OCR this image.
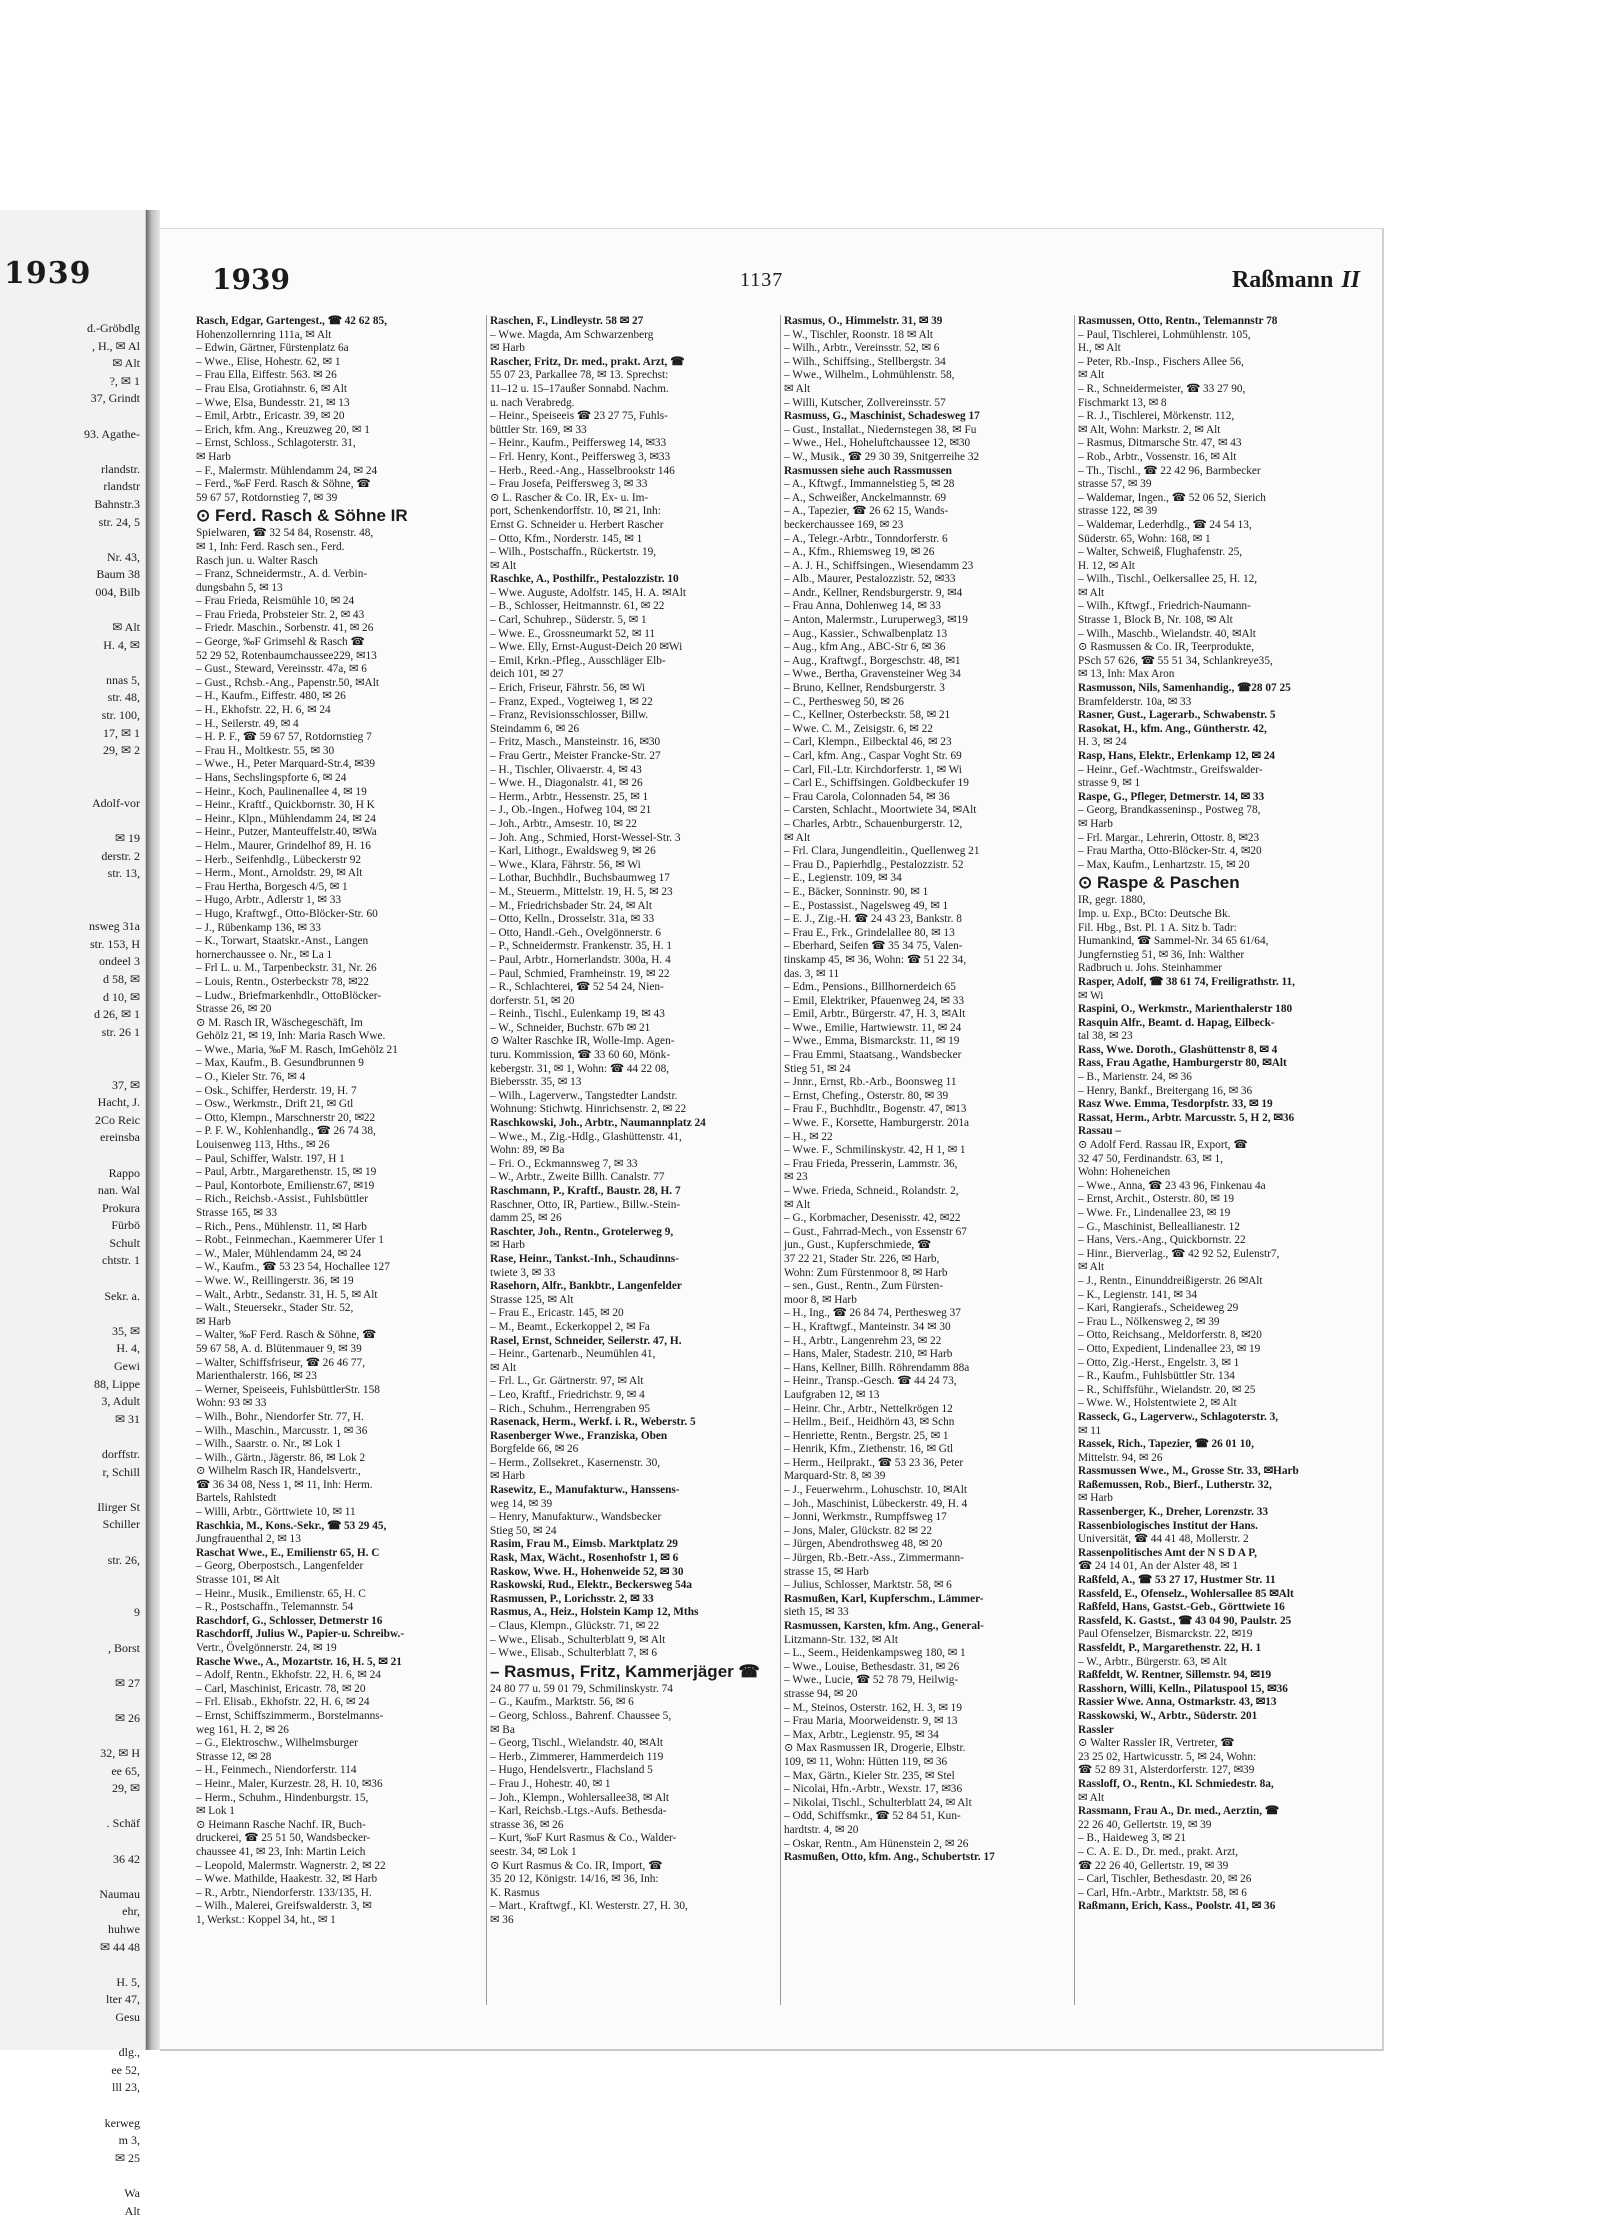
1939
d.-Gröbdlg
, H., ✉ Al
✉ Alt
?, ✉ 1
37, Grindt
93. Agathe-
rlandstr.
rlandstr
Bahnstr.3
str. 24, 5
Nr. 43,
Baum 38
004, Bilb
✉ Alt
H. 4, ✉
nnas 5,
str. 48,
str. 100,
17, ✉ 1
29, ✉ 2
Adolf-vor
✉ 19
derstr. 2
str. 13,
nsweg 31a
str. 153, H
ondeel 3
d 58, ✉
d 10, ✉
d 26, ✉ 1
str. 26 1
37, ✉
Hacht, J.
2Co Reic
ereinsba
Rappo
nan. Wal
Prokura
Fürbö
Schult
chtstr. 1
Sekr. a.
35, ✉
H. 4,
Gewi
88, Lippe
3, Adult
✉ 31
dorffstr.
r, Schill
Ilirger St
Schiller
str. 26,
9
, Borst
✉ 27
✉ 26
32, ✉ H
ee 65,
29, ✉
. Schäf
36 42
Naumau
ehr,
huhwe
✉ 44 48
H. 5,
lter 47,
Gesu
dlg.,
ee 52,
lll 23,
kerweg
m 3,
✉ 25
Wa
Alt
1939	1137	Raßmann II
Rasch, Edgar, Gartengest., ☎ 42 62 85,
Hohenzollernring 111a, ✉ Alt
– Edwin, Gärtner, Fürstenplatz 6a
– Wwe., Elise, Hohestr. 62, ✉ 1
– Frau Ella, Eiffestr. 563. ✉ 26
– Frau Elsa, Grotiahnstr. 6, ✉ Alt
– Wwe, Elsa, Bundesstr. 21, ✉ 13
– Emil, Arbtr., Ericastr. 39, ✉ 20
– Erich, kfm. Ang., Kreuzweg 20, ✉ 1
– Ernst, Schloss., Schlagoterstr. 31,
✉ Harb
– F., Malermstr. Mühlendamm 24, ✉ 24
– Ferd., ‰F Ferd. Rasch & Söhne, ☎
59 67 57, Rotdornstieg 7, ✉ 39
⊙ Ferd. Rasch & Söhne IR
Spielwaren, ☎ 32 54 84, Rosenstr. 48,
✉ 1, Inh: Ferd. Rasch sen., Ferd.
Rasch jun. u. Walter Rasch
– Franz, Schneidermstr., A. d. Verbin-
dungsbahn 5, ✉ 13
– Frau Frieda, Reismühle 10, ✉ 24
– Frau Frieda, Probsteier Str. 2, ✉ 43
– Friedr. Maschin., Sorbenstr. 41, ✉ 26
– George, ‰F Grimsehl & Rasch ☎
52 29 52, Rotenbaumchaussee229, ✉13
– Gust., Steward, Vereinsstr. 47a, ✉ 6
– Gust., Rchsb.-Ang., Papenstr.50, ✉Alt
– H., Kaufm., Eiffestr. 480, ✉ 26
– H., Ekhofstr. 22, H. 6, ✉ 24
– H., Seilerstr. 49, ✉ 4
– H. P. F., ☎ 59 67 57, Rotdornstieg 7
– Frau H., Moltkestr. 55, ✉ 30
– Wwe., H., Peter Marquard-Str.4, ✉39
– Hans, Sechslingspforte 6, ✉ 24
– Heinr., Koch, Paulinenallee 4, ✉ 19
– Heinr., Kraftf., Quickbornstr. 30, H K
– Heinr., Klpn., Mühlendamm 24, ✉ 24
– Heinr., Putzer, Manteuffelstr.40, ✉Wa
– Helm., Maurer, Grindelhof 89, H. 16
– Herb., Seifenhdlg., Lübeckerstr 92
– Herm., Mont., Arnoldstr. 29, ✉ Alt
– Frau Hertha, Borgesch 4/5, ✉ 1
– Hugo, Arbtr., Adlerstr 1, ✉ 33
– Hugo, Kraftwgf., Otto-Blöcker-Str. 60
– J., Rübenkamp 136, ✉ 33
– K., Torwart, Staatskr.-Anst., Langen
hornerchaussee o. Nr., ✉ La 1
– Frl L. u. M., Tarpenbeckstr. 31, Nr. 26
– Louis, Rentn., Osterbeckstr 78, ✉22
– Ludw., Briefmarkenhdlr., OttoBlöcker-
Strasse 26, ✉ 20
⊙ M. Rasch IR, Wäschegeschäft, Im
Gehölz 21, ✉ 19, Inh: Maria Rasch Wwe.
– Wwe., Maria, ‰F M. Rasch, ImGehölz 21
– Max, Kaufm., B. Gesundbrunnen 9
– O., Kieler Str. 76, ✉ 4
– Osk., Schiffer, Herderstr. 19, H. 7
– Osw., Werkmstr., Drift 21, ✉ Gtl
– Otto, Klempn., Marschnerstr 20, ✉22
– P. F. W., Kohlenhandlg., ☎ 26 74 38,
Louisenweg 113, Hths., ✉ 26
– Paul, Schiffer, Walstr. 197, H 1
– Paul, Arbtr., Margarethenstr. 15, ✉ 19
– Paul, Kontorbote, Emilienstr.67, ✉19
– Rich., Reichsb.-Assist., Fuhlsbüttler
Strasse 165, ✉ 33
– Rich., Pens., Mühlenstr. 11, ✉ Harb
– Robt., Feinmechan., Kaemmerer Ufer 1
– W., Maler, Mühlendamm 24, ✉ 24
– W., Kaufm., ☎ 53 23 54, Hochallee 127
– Wwe. W., Reillingerstr. 36, ✉ 19
– Walt., Arbtr., Sedanstr. 31, H. 5, ✉ Alt
– Walt., Steuersekr., Stader Str. 52,
✉ Harb
– Walter, ‰F Ferd. Rasch & Söhne, ☎
59 67 58, A. d. Blütenmauer 9, ✉ 39
– Walter, Schiffsfriseur, ☎ 26 46 77,
Marienthalerstr. 166, ✉ 23
– Werner, Speiseeis, FuhlsbüttlerStr. 158
Wohn: 93 ✉ 33
– Wilh., Bohr., Niendorfer Str. 77, H.
– Wilh., Maschin., Marcusstr. 1, ✉ 36
– Wilh., Saarstr. o. Nr., ✉ Lok 1
– Wilh., Gärtn., Jägerstr. 86, ✉ Lok 2
⊙ Wilhelm Rasch IR, Handelsvertr.,
☎ 36 34 08, Ness 1, ✉ 11, Inh: Herm.
Bartels, Rahlstedt
– Willi, Arbtr., Görttwiete 10, ✉ 11
Raschkia, M., Kons.-Sekr., ☎ 53 29 45,
Jungfrauenthal 2, ✉ 13
Raschat Wwe., E., Emilienstr 65, H. C
– Georg, Oberpostsch., Langenfelder
Strasse 101, ✉ Alt
– Heinr., Musik., Emilienstr. 65, H. C
– R., Postschaffn., Telemannstr. 54
Raschdorf, G., Schlosser, Detmerstr 16
Raschdorff, Julius W., Papier-u. Schreibw.-
Vertr., Övelgönnerstr. 24, ✉ 19
Rasche Wwe., A., Mozartstr. 16, H. 5, ✉ 21
– Adolf, Rentn., Ekhofstr. 22, H. 6, ✉ 24
– Carl, Maschinist, Ericastr. 78, ✉ 20
– Frl. Elisab., Ekhofstr. 22, H. 6, ✉ 24
– Ernst, Schiffszimmerm., Borstelmanns-
weg 161, H. 2, ✉ 26
– G., Elektroschw., Wilhelmsburger
Strasse 12, ✉ 28
– H., Feinmech., Niendorferstr. 114
– Heinr., Maler, Kurzestr. 28, H. 10, ✉36
– Herm., Schuhm., Hindenburgstr. 15,
✉ Lok 1
⊙ Heimann Rasche Nachf. IR, Buch-
druckerei, ☎ 25 51 50, Wandsbecker-
chaussee 41, ✉ 23, Inh: Martin Leich
– Leopold, Malermstr. Wagnerstr. 2, ✉ 22
– Wwe. Mathilde, Haakestr. 32, ✉ Harb
– R., Arbtr., Niendorferstr. 133/135, H.
– Wilh., Malerei, Greifswalderstr. 3, ✉
1, Werkst.: Koppel 34, ht., ✉ 1
Raschen, F., Lindleystr. 58 ✉ 27
– Wwe. Magda, Am Schwarzenberg
✉ Harb
Rascher, Fritz, Dr. med., prakt. Arzt, ☎
55 07 23, Parkallee 78, ✉ 13. Sprechst:
11–12 u. 15–17außer Sonnabd. Nachm.
u. nach Verabredg.
– Heinr., Speiseeis ☎ 23 27 75, Fuhls-
büttler Str. 169, ✉ 33
– Heinr., Kaufm., Peiffersweg 14, ✉33
– Frl. Henry, Kont., Peiffersweg 3, ✉33
– Herb., Reed.-Ang., Hasselbrookstr 146
– Frau Josefa, Peiffersweg 3, ✉ 33
⊙ L. Rascher & Co. IR, Ex- u. Im-
port, Schenkendorffstr. 10, ✉ 21, Inh:
Ernst G. Schneider u. Herbert Rascher
– Otto, Kfm., Norderstr. 145, ✉ 1
– Wilh., Postschaffn., Rückertstr. 19,
✉ Alt
Raschke, A., Posthilfr., Pestalozzistr. 10
– Wwe. Auguste, Adolfstr. 145, H. A. ✉Alt
– B., Schlosser, Heitmannstr. 61, ✉ 22
– Carl, Schuhrep., Süderstr. 5, ✉ 1
– Wwe. E., Grossneumarkt 52, ✉ 11
– Wwe. Elly, Ernst-August-Deich 20 ✉Wi
– Emil, Krkn.-Pfleg., Ausschläger Elb-
deich 101, ✉ 27
– Erich, Friseur, Fährstr. 56, ✉ Wi
– Franz, Exped., Vogteiweg 1, ✉ 22
– Franz, Revisionsschlosser, Billw.
Steindamm 6, ✉ 26
– Fritz, Masch., Mansteinstr. 16, ✉30
– Frau Gertr., Meister Francke-Str. 27
– H., Tischler, Olivaerstr. 4, ✉ 43
– Wwe. H., Diagonalstr. 41, ✉ 26
– Herm., Arbtr., Hessenstr. 25, ✉ 1
– J., Ob.-Ingen., Hofweg 104, ✉ 21
– Joh., Arbtr., Amsestr. 10, ✉ 22
– Joh. Ang., Schmied, Horst-Wessel-Str. 3
– Karl, Lithogr., Ewaldsweg 9, ✉ 26
– Wwe., Klara, Fährstr. 56, ✉ Wi
– Lothar, Buchhdlr., Buchsbaumweg 17
– M., Steuerm., Mittelstr. 19, H. 5, ✉ 23
– M., Friedrichsbader Str. 24, ✉ Alt
– Otto, Kelln., Drosselstr. 31a, ✉ 33
– Otto, Handl.-Geh., Ovelgönnerstr. 6
– P., Schneidermstr. Frankenstr. 35, H. 1
– Paul, Arbtr., Hornerlandstr. 300a, H. 4
– Paul, Schmied, Framheinstr. 19, ✉ 22
– R., Schlachterei, ☎ 52 54 24, Nien-
dorferstr. 51, ✉ 20
– Reinh., Tischl., Eulenkamp 19, ✉ 43
– W., Schneider, Buchstr. 67b ✉ 21
⊙ Walter Raschke IR, Wolle-Imp. Agen-
turu. Kommission, ☎ 33 60 60, Mönk-
kebergstr. 31, ✉ 1, Wohn: ☎ 44 22 08,
Biebersstr. 35, ✉ 13
– Wilh., Lagerverw., Tangstedter Landstr.
Wohnung: Stichwtg. Hinrichsenstr. 2, ✉ 22
Raschkowski, Joh., Arbtr., Naumannplatz 24
– Wwe., M., Zig.-Hdlg., Glashüttenstr. 41,
Wohn: 89, ✉ Ba
– Fri. O., Eckmannsweg 7, ✉ 33
– W., Arbtr., Zweite Billh. Canalstr. 77
Raschmann, P., Kraftf., Baustr. 28, H. 7
Raschner, Otto, IR, Partiew., Billw.-Stein-
damm 25, ✉ 26
Raschter, Joh., Rentn., Grotelerweg 9,
✉ Harb
Rase, Heinr., Tankst.-Inh., Schaudinns-
twiete 3, ✉ 33
Rasehorn, Alfr., Bankbtr., Langenfelder
Strasse 125, ✉ Alt
– Frau E., Ericastr. 145, ✉ 20
– M., Beamt., Eckerkoppel 2, ✉ Fa
Rasel, Ernst, Schneider, Seilerstr. 47, H.
– Heinr., Gartenarb., Neumühlen 41,
✉ Alt
– Frl. L., Gr. Gärtnerstr. 97, ✉ Alt
– Leo, Kraftf., Friedrichstr. 9, ✉ 4
– Rich., Schuhm., Herrengraben 95
Rasenack, Herm., Werkf. i. R., Weberstr. 5
Rasenberger Wwe., Franziska, Oben
Borgfelde 66, ✉ 26
– Herm., Zollsekret., Kasernenstr. 30,
✉ Harb
Rasewitz, E., Manufakturw., Hanssens-
weg 14, ✉ 39
– Henry, Manufakturw., Wandsbecker
Stieg 50, ✉ 24
Rasim, Frau M., Eimsb. Marktplatz 29
Rask, Max, Wächt., Rosenhofstr 1, ✉ 6
Raskow, Wwe. H., Hohenweide 52, ✉ 30
Raskowski, Rud., Elektr., Beckersweg 54a
Rasmussen, P., Lorichsstr. 2, ✉ 33
Rasmus, A., Heiz., Holstein Kamp 12, Mths
– Claus, Klempn., Glückstr. 71, ✉ 22
– Wwe., Elisab., Schulterblatt 9, ✉ Alt
– Wwe., Elisab., Schulterblatt 7, ✉ 6
– Rasmus, Fritz, Kammerjäger ☎
24 80 77 u. 59 01 79, Schmilinskystr. 74
– G., Kaufm., Marktstr. 56, ✉ 6
– Georg, Schloss., Bahrenf. Chaussee 5,
✉ Ba
– Georg, Tischl., Wielandstr. 40, ✉Alt
– Herb., Zimmerer, Hammerdeich 119
– Hugo, Hendelsvertr., Flachsland 5
– Frau J., Hohestr. 40, ✉ 1
– Joh., Klempn., Wohlersallee38, ✉ Alt
– Karl, Reichsb.-Ltgs.-Aufs. Bethesda-
strasse 36, ✉ 26
– Kurt, ‰F Kurt Rasmus & Co., Walder-
seestr. 34, ✉ Lok 1
⊙ Kurt Rasmus & Co. IR, Import, ☎
35 20 12, Königstr. 14/16, ✉ 36, Inh:
K. Rasmus
– Mart., Kraftwgf., Kl. Westerstr. 27, H. 30,
✉ 36
Rasmus, O., Himmelstr. 31, ✉ 39
– W., Tischler, Roonstr. 18 ✉ Alt
– Wilh., Arbtr., Vereinsstr. 52, ✉ 6
– Wilh., Schiffsing., Stellbergstr. 34
– Wwe., Wilhelm., Lohmühlenstr. 58,
✉ Alt
– Willi, Kutscher, Zollvereinsstr. 57
Rasmuss, G., Maschinist, Schadesweg 17
– Gust., Installat., Niedernstegen 38, ✉ Fu
– Wwe., Hel., Hoheluftchaussee 12, ✉30
– W., Musik., ☎ 29 30 39, Snitgerreihe 32
Rasmussen siehe auch Rassmussen
– A., Kftwgf., Immannelstieg 5, ✉ 28
– A., Schweißer, Anckelmannstr. 69
– A., Tapezier, ☎ 26 62 15, Wands-
beckerchaussee 169, ✉ 23
– A., Telegr.-Arbtr., Tonndorferstr. 6
– A., Kfm., Rhiemsweg 19, ✉ 26
– A. J. H., Schiffsingen., Wiesendamm 23
– Alb., Maurer, Pestalozzistr. 52, ✉33
– Andr., Kellner, Rendsburgerstr. 9, ✉4
– Frau Anna, Dohlenweg 14, ✉ 33
– Anton, Malermstr., Luruperweg3, ✉19
– Aug., Kassier., Schwalbenplatz 13
– Aug., kfm Ang., ABC-Str 6, ✉ 36
– Aug., Kraftwgf., Borgeschstr. 48, ✉1
– Wwe., Bertha, Gravensteiner Weg 34
– Bruno, Kellner, Rendsburgerstr. 3
– C., Perthesweg 50, ✉ 26
– C., Kellner, Osterbeckstr. 58, ✉ 21
– Wwe. C. M., Zeisigstr. 6, ✉ 22
– Carl, Klempn., Eilbecktal 46, ✉ 23
– Carl, kfm. Ang., Caspar Voght Str. 69
– Carl, Fil.-Ltr. Kirchdorferstr. 1, ✉ Wi
– Carl E., Schiffsingen. Goldbeckufer 19
– Frau Carola, Colonnaden 54, ✉ 36
– Carsten, Schlacht., Moortwiete 34, ✉Alt
– Charles, Arbtr., Schauenburgerstr. 12,
✉ Alt
– Frl. Clara, Jungendleitin., Quellenweg 21
– Frau D., Papierhdlg., Pestalozzistr. 52
– E., Legienstr. 109, ✉ 34
– E., Bäcker, Sonninstr. 90, ✉ 1
– E., Postassist., Nagelsweg 49, ✉ 1
– E. J., Zig.-H. ☎ 24 43 23, Bankstr. 8
– Frau E., Frk., Grindelallee 80, ✉ 13
– Eberhard, Seifen ☎ 35 34 75, Valen-
tinskamp 45, ✉ 36, Wohn: ☎ 51 22 34,
das. 3, ✉ 11
– Edm., Pensions., Billhornerdeich 65
– Emil, Elektriker, Pfauenweg 24, ✉ 33
– Emil, Arbtr., Bürgerstr. 47, H. 3, ✉Alt
– Wwe., Emilie, Hartwiewstr. 11, ✉ 24
– Wwe., Emma, Bismarckstr. 11, ✉ 19
– Frau Emmi, Staatsang., Wandsbecker
Stieg 51, ✉ 24
– Jnnr., Ernst, Rb.-Arb., Boonsweg 11
– Ernst, Chefing., Osterstr. 80, ✉ 39
– Frau F., Buchhdltr., Bogenstr. 47, ✉13
– Wwe. F., Korsette, Hamburgerstr. 201a
– H., ✉ 22
– Wwe. F., Schmilinskystr. 42, H 1, ✉ 1
– Frau Frieda, Presserin, Lammstr. 36,
✉ 23
– Wwe. Frieda, Schneid., Rolandstr. 2,
✉ Alt
– G., Korbmacher, Desenisstr. 42, ✉22
– Gust., Fahrrad-Mech., von Essenstr 67
jun., Gust., Kupferschmiede, ☎
37 22 21, Stader Str. 226, ✉ Harb,
Wohn: Zum Fürstenmoor 8, ✉ Harb
– sen., Gust., Rentn., Zum Fürsten-
moor 8, ✉ Harb
– H., Ing., ☎ 26 84 74, Perthesweg 37
– H., Kraftwgf., Manteinstr. 34 ✉ 30
– H., Arbtr., Langenrehm 23, ✉ 22
– Hans, Maler, Stadestr. 210, ✉ Harb
– Hans, Kellner, Billh. Röhrendamm 88a
– Heinr., Transp.-Gesch. ☎ 44 24 73,
Laufgraben 12, ✉ 13
– Heinr. Chr., Arbtr., Nettelkrögen 12
– Hellm., Beif., Heidhörn 43, ✉ Schn
– Henriette, Rentn., Bergstr. 25, ✉ 1
– Henrik, Kfm., Ziethenstr. 16, ✉ Gtl
– Herm., Heilprakt., ☎ 53 23 36, Peter
Marquard-Str. 8, ✉ 39
– J., Feuerwehrm., Lohuschstr. 10, ✉Alt
– Joh., Maschinist, Lübeckerstr. 49, H. 4
– Jonni, Werkmstr., Rumpffsweg 17
– Jons, Maler, Glückstr. 82 ✉ 22
– Jürgen, Abendrothsweg 48, ✉ 20
– Jürgen, Rb.-Betr.-Ass., Zimmermann-
strasse 15, ✉ Harb
– Julius, Schlosser, Marktstr. 58, ✉ 6
Rasmußen, Karl, Kupferschm., Lämmer-
sieth 15, ✉ 33
Rasmussen, Karsten, kfm. Ang., General-
Litzmann-Str. 132, ✉ Alt
– L., Seem., Heidenkampsweg 180, ✉ 1
– Wwe., Louise, Bethesdastr. 31, ✉ 26
– Wwe., Lucie, ☎ 52 78 79, Heilwig-
strasse 94, ✉ 20
– M., Steinos, Osterstr. 162, H. 3, ✉ 19
– Frau Maria, Moorweidenstr. 9, ✉ 13
– Max, Arbtr., Legienstr. 95, ✉ 34
⊙ Max Rasmussen IR, Drogerie, Elbstr.
109, ✉ 11, Wohn: Hütten 119, ✉ 36
– Max, Gärtn., Kieler Str. 235, ✉ Stel
– Nicolai, Hfn.-Arbtr., Wexstr. 17, ✉36
– Nikolai, Tischl., Schulterblatt 24, ✉ Alt
– Odd, Schiffsmkr., ☎ 52 84 51, Kun-
hardtstr. 4, ✉ 20
– Oskar, Rentn., Am Hünenstein 2, ✉ 26
Rasmußen, Otto, kfm. Ang., Schubertstr. 17
Rasmussen, Otto, Rentn., Telemannstr 78
– Paul, Tischlerei, Lohmühlenstr. 105,
H., ✉ Alt
– Peter, Rb.-Insp., Fischers Allee 56,
✉ Alt
– R., Schneidermeister, ☎ 33 27 90,
Fischmarkt 13, ✉ 8
– R. J., Tischlerei, Mörkenstr. 112,
✉ Alt, Wohn: Markstr. 2, ✉ Alt
– Rasmus, Ditmarsche Str. 47, ✉ 43
– Rob., Arbtr., Vossenstr. 16, ✉ Alt
– Th., Tischl., ☎ 22 42 96, Barmbecker
strasse 57, ✉ 39
– Waldemar, Ingen., ☎ 52 06 52, Sierich
strasse 122, ✉ 39
– Waldemar, Lederhdlg., ☎ 24 54 13,
Süderstr. 65, Wohn: 168, ✉ 1
– Walter, Schweiß, Flughafenstr. 25,
H. 12, ✉ Alt
– Wilh., Tischl., Oelkersallee 25, H. 12,
✉ Alt
– Wilh., Kftwgf., Friedrich-Naumann-
Strasse 1, Block B, Nr. 108, ✉ Alt
– Wilh., Maschb., Wielandstr. 40, ✉Alt
⊙ Rasmussen & Co. IR, Teerprodukte,
PSch 57 626, ☎ 55 51 34, Schlankreye35,
✉ 13, Inh: Max Aron
Rasmusson, Nils, Samenhandig., ☎28 07 25
Bramfelderstr. 10a, ✉ 33
Rasner, Gust., Lagerarb., Schwabenstr. 5
Rasokat, H., kfm. Ang., Güntherstr. 42,
H. 3, ✉ 24
Rasp, Hans, Elektr., Erlenkamp 12, ✉ 24
– Heinr., Gef.-Wachtmstr., Greifswalder-
strasse 9, ✉ 1
Raspe, G., Pfleger, Detmerstr. 14, ✉ 33
– Georg, Brandkasseninsp., Postweg 78,
✉ Harb
– Frl. Margar., Lehrerin, Ottostr. 8, ✉23
– Frau Martha, Otto-Blöcker-Str. 4, ✉20
– Max, Kaufm., Lenhartzstr. 15, ✉ 20
⊙ Raspe & Paschen
IR, gegr. 1880,
Imp. u. Exp., BCto: Deutsche Bk.
Fil. Hbg., Bst. Pl. 1 A. Sitz b. Tadr:
Humankind, ☎ Sammel-Nr. 34 65 61/64,
Jungfernstieg 51, ✉ 36, Inh: Walther
Radbruch u. Johs. Steinhammer
Rasper, Adolf, ☎ 38 61 74, Freiligrathstr. 11,
✉ Wi
Raspini, O., Werkmstr., Marienthalerstr 180
Rasquin Alfr., Beamt. d. Hapag, Eilbeck-
tal 38, ✉ 23
Rass, Wwe. Doroth., Glashüttenstr 8, ✉ 4
Rass, Frau Agathe, Hamburgerstr 80, ✉Alt
– B., Marienstr. 24, ✉ 36
– Henry, Bankf., Breitergang 16, ✉ 36
Rasz Wwe. Emma, Tesdorpfstr. 33, ✉ 19
Rassat, Herm., Arbtr. Marcusstr. 5, H 2, ✉36
Rassau –
⊙ Adolf Ferd. Rassau IR, Export, ☎
32 47 50, Ferdinandstr. 63, ✉ 1,
Wohn: Hoheneichen
– Wwe., Anna, ☎ 23 43 96, Finkenau 4a
– Ernst, Archit., Osterstr. 80, ✉ 19
– Wwe. Fr., Lindenallee 23, ✉ 19
– G., Maschinist, Belleallianestr. 12
– Hans, Vers.-Ang., Quickbornstr. 22
– Hinr., Bierverlag., ☎ 42 92 52, Eulenstr7,
✉ Alt
– J., Rentn., Einunddreißigerstr. 26 ✉Alt
– K., Legienstr. 141, ✉ 34
– Kari, Rangierafs., Scheideweg 29
– Frau L., Nölkensweg 2, ✉ 39
– Otto, Reichsang., Meldorferstr. 8, ✉20
– Otto, Expedient, Lindenallee 23, ✉ 19
– Otto, Zig.-Herst., Engelstr. 3, ✉ 1
– R., Kaufm., Fuhlsbüttler Str. 134
– R., Schiffsführ., Wielandstr. 20, ✉ 25
– Wwe. W., Holstentwiete 2, ✉ Alt
Rasseck, G., Lagerverw., Schlagoterstr. 3,
✉ 11
Rassek, Rich., Tapezier, ☎ 26 01 10,
Mittelstr. 94, ✉ 26
Rassmussen Wwe., M., Grosse Str. 33, ✉Harb
Raßemussen, Rob., Bierf., Lutherstr. 32,
✉ Harb
Rassenberger, K., Dreher, Lorenzstr. 33
Rassenbiologisches Institut der Hans.
Universität, ☎ 44 41 48, Mollerstr. 2
Rassenpolitisches Amt der N S D A P,
☎ 24 14 01, An der Alster 48, ✉ 1
Raßfeld, A., ☎ 53 27 17, Hustmer Str. 11
Rassfeld, E., Ofenselz., Wohlersallee 85 ✉Alt
Raßfeld, Hans, Gastst.-Geb., Görttwiete 16
Rassfeld, K. Gastst., ☎ 43 04 90, Paulstr. 25
Paul Ofenselzer, Bismarckstr. 22, ✉19
Rassfeldt, P., Margarethenstr. 22, H. 1
– W., Arbtr., Bürgerstr. 63, ✉ Alt
Raßfeldt, W. Rentner, Sillemstr. 94, ✉19
Rasshorn, Willi, Kelln., Pilatuspool 15, ✉36
Rassier Wwe. Anna, Ostmarkstr. 43, ✉13
Rasskowski, W., Arbtr., Süderstr. 201
Rassler
⊙ Walter Rassler IR, Vertreter, ☎
23 25 02, Hartwicusstr. 5, ✉ 24, Wohn:
☎ 52 89 31, Alsterdorferstr. 127, ✉39
Rassloff, O., Rentn., Kl. Schmiedestr. 8a,
✉ Alt
Rassmann, Frau A., Dr. med., Aerztin, ☎
22 26 40, Gellertstr. 19, ✉ 39
– B., Haideweg 3, ✉ 21
– C. A. E. D., Dr. med., prakt. Arzt,
☎ 22 26 40, Gellertstr. 19, ✉ 39
– Carl, Tischler, Bethesdastr. 20, ✉ 26
– Carl, Hfn.-Arbtr., Marktstr. 58, ✉ 6
Raßmann, Erich, Kass., Poolstr. 41, ✉ 36
